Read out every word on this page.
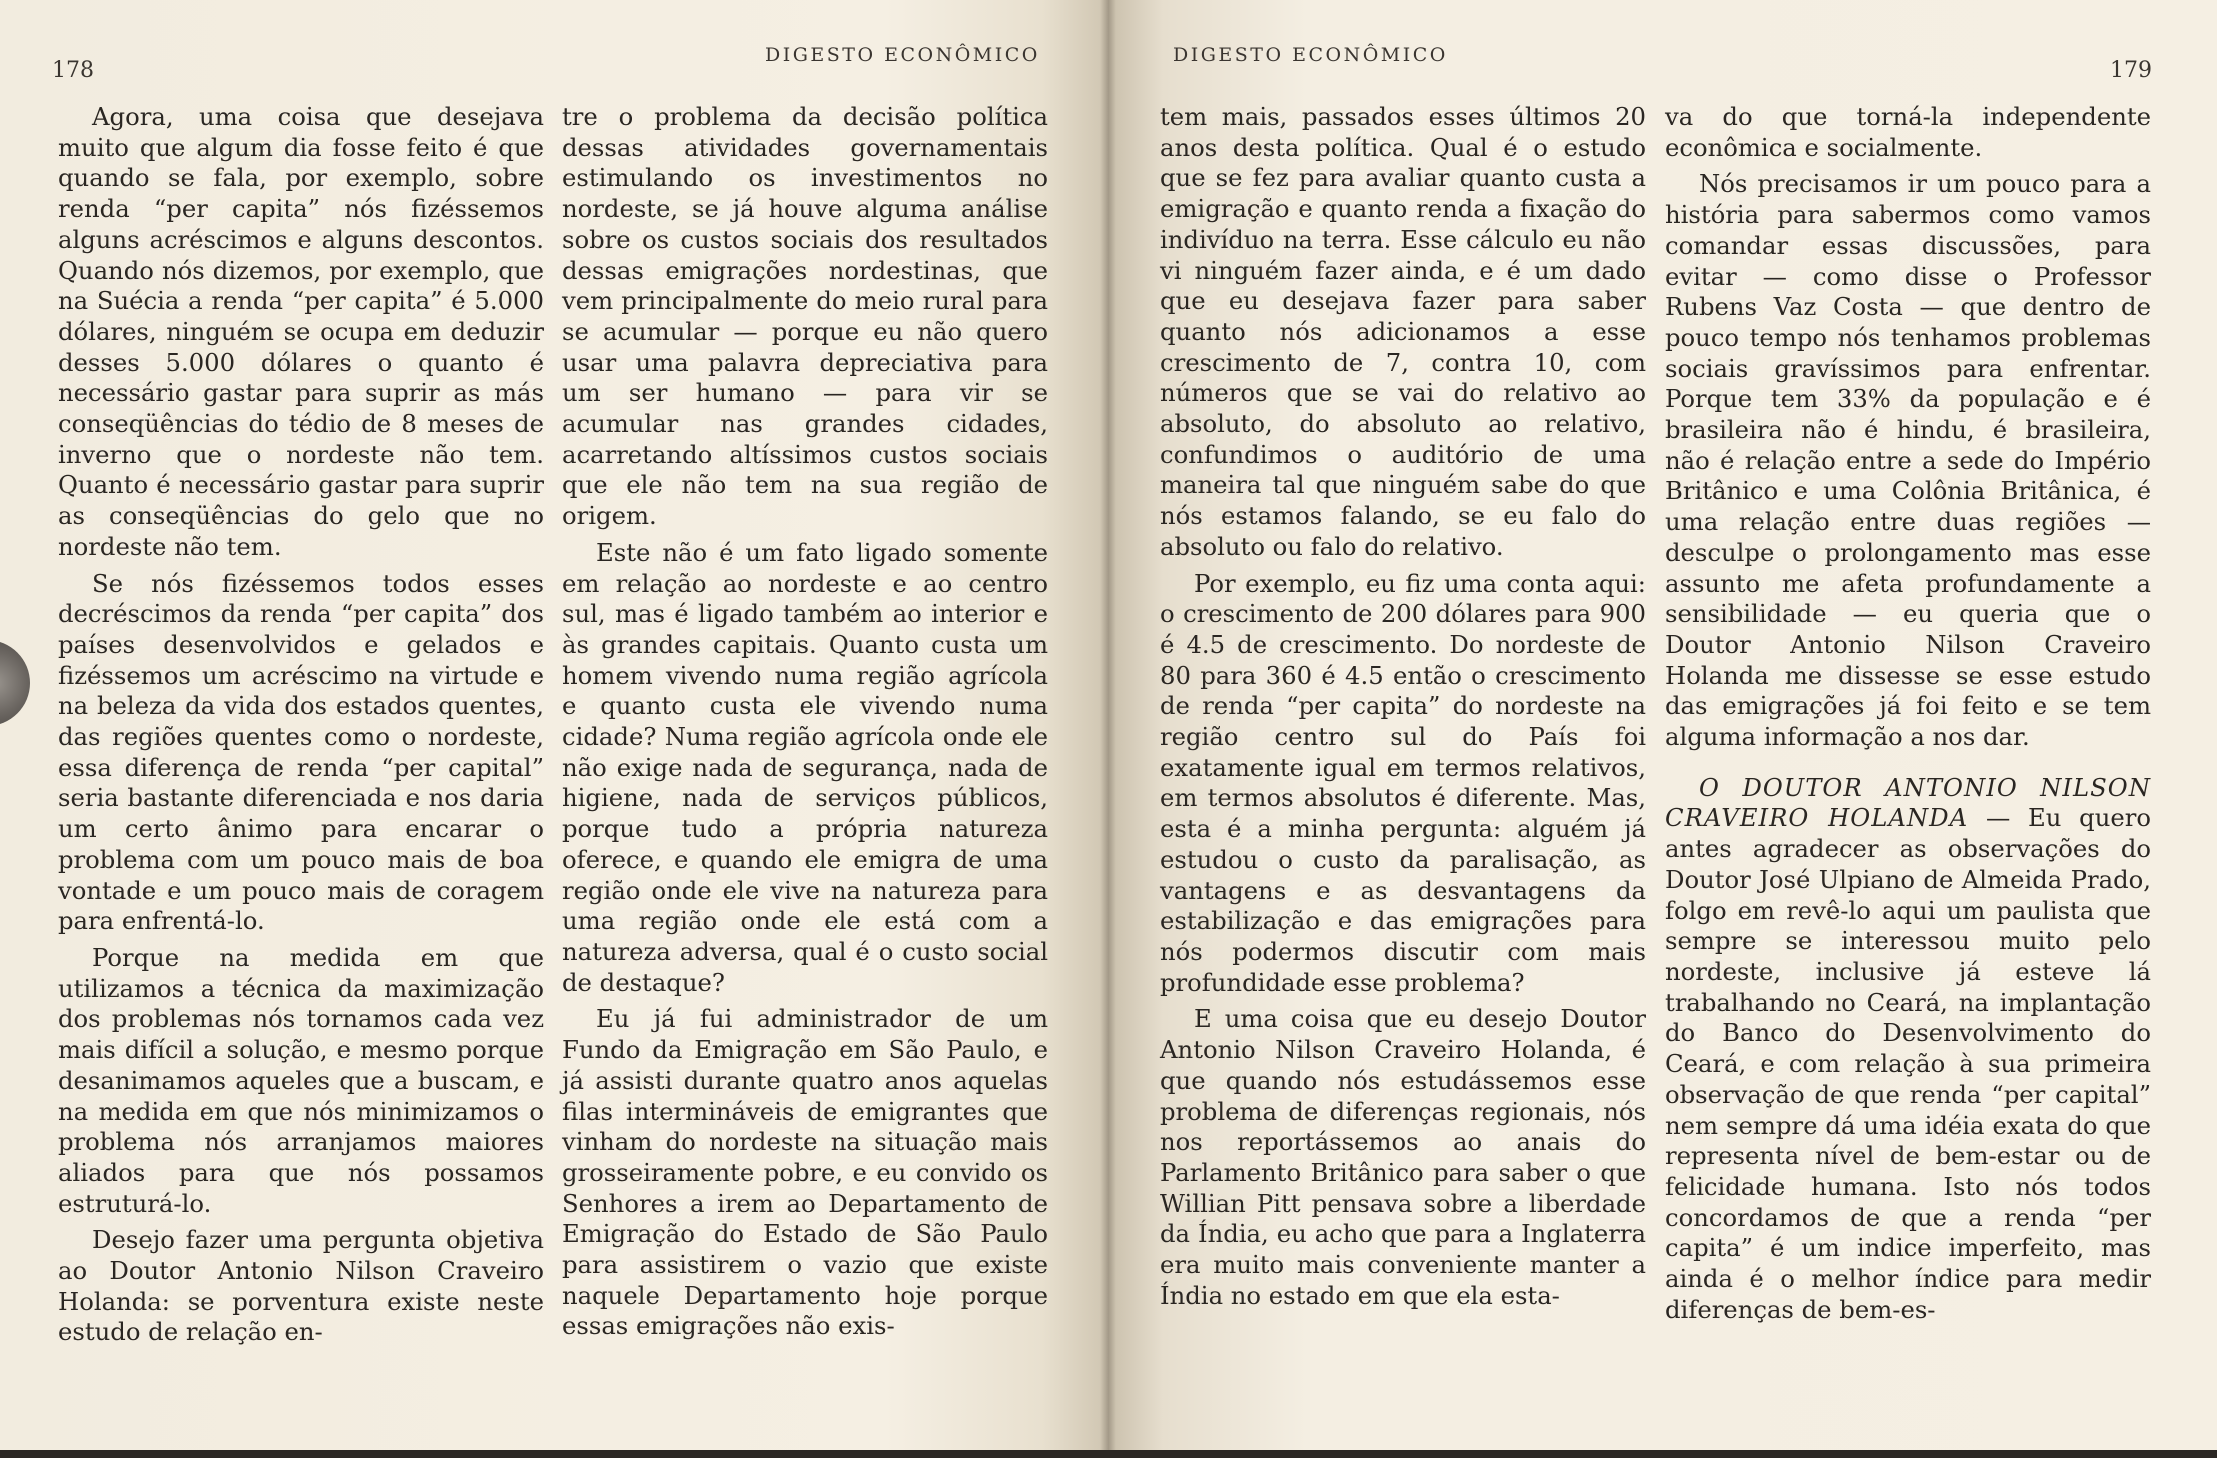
178
DIGESTO ECONÔMICO

Agora, uma coisa que desejava muito que algum dia fosse feito é que quando se fala, por exemplo, sobre renda “per capita” nós fizéssemos alguns acréscimos e alguns descontos. Quando nós dizemos, por exemplo, que na Suécia a renda “per capita” é 5.000 dólares, ninguém se ocupa em deduzir desses 5.000 dólares o quanto é necessário gastar para suprir as más conseqüências do tédio de 8 meses de inverno que o nordeste não tem. Quanto é necessário gastar para suprir as conseqüências do gelo que no nordeste não tem.

Se nós fizéssemos todos esses decréscimos da renda “per capita” dos países desenvolvidos e gelados e fizéssemos um acréscimo na virtude e na beleza da vida dos estados quentes, das regiões quentes como o nordeste, essa diferença de renda “per capital” seria bastante diferenciada e nos daria um certo ânimo para encarar o problema com um pouco mais de boa vontade e um pouco mais de coragem para enfrentá-lo.

Porque na medida em que utilizamos a técnica da maximização dos problemas nós tornamos cada vez mais difícil a solução, e mesmo porque desanimamos aqueles que a buscam, e na medida em que nós minimizamos o problema nós arranjamos maiores aliados para que nós possamos estruturá-lo.

Desejo fazer uma pergunta objetiva ao Doutor Antonio Nilson Craveiro Holanda: se porventura existe neste estudo de relação en-

tre o problema da decisão política dessas atividades governamentais estimulando os investimentos no nordeste, se já houve alguma análise sobre os custos sociais dos resultados dessas emigrações nordestinas, que vem principalmente do meio rural para se acumular — porque eu não quero usar uma palavra depreciativa para um ser humano — para vir se acumular nas grandes cidades, acarretando altíssimos custos sociais que ele não tem na sua região de origem.

Este não é um fato ligado somente em relação ao nordeste e ao centro sul, mas é ligado também ao interior e às grandes capitais. Quanto custa um homem vivendo numa região agrícola e quanto custa ele vivendo numa cidade? Numa região agrícola onde ele não exige nada de segurança, nada de higiene, nada de serviços públicos, porque tudo a própria natureza oferece, e quando ele emigra de uma região onde ele vive na natureza para uma região onde ele está com a natureza adversa, qual é o custo social de destaque?

Eu já fui administrador de um Fundo da Emigração em São Paulo, e já assisti durante quatro anos aquelas filas intermináveis de emigrantes que vinham do nordeste na situação mais grosseiramente pobre, e eu convido os Senhores a irem ao Departamento de Emigração do Estado de São Paulo para assistirem o vazio que existe naquele Departamento hoje porque essas emigrações não exis-

DIGESTO ECONÔMICO
179

tem mais, passados esses últimos 20 anos desta política. Qual é o estudo que se fez para avaliar quanto custa a emigração e quanto renda a fixação do indivíduo na terra. Esse cálculo eu não vi ninguém fazer ainda, e é um dado que eu desejava fazer para saber quanto nós adicionamos a esse crescimento de 7, contra 10, com números que se vai do relativo ao absoluto, do absoluto ao relativo, confundimos o auditório de uma maneira tal que ninguém sabe do que nós estamos falando, se eu falo do absoluto ou falo do relativo.

Por exemplo, eu fiz uma conta aqui: o crescimento de 200 dólares para 900 é 4.5 de crescimento. Do nordeste de 80 para 360 é 4.5 então o crescimento de renda “per capita” do nordeste na região centro sul do País foi exatamente igual em termos relativos, em termos absolutos é diferente. Mas, esta é a minha pergunta: alguém já estudou o custo da paralisação, as vantagens e as desvantagens da estabilização e das emigrações para nós podermos discutir com mais profundidade esse problema?

E uma coisa que eu desejo Doutor Antonio Nilson Craveiro Holanda, é que quando nós estudássemos esse problema de diferenças regionais, nós nos reportássemos ao anais do Parlamento Britânico para saber o que Willian Pitt pensava sobre a liberdade da Índia, eu acho que para a Inglaterra era muito mais conveniente manter a Índia no estado em que ela esta-

va do que torná-la independente econômica e socialmente.

Nós precisamos ir um pouco para a história para sabermos como vamos comandar essas discussões, para evitar — como disse o Professor Rubens Vaz Costa — que dentro de pouco tempo nós tenhamos problemas sociais gravíssimos para enfrentar. Porque tem 33% da população e é brasileira não é hindu, é brasileira, não é relação entre a sede do Império Britânico e uma Colônia Britânica, é uma relação entre duas regiões — desculpe o prolongamento mas esse assunto me afeta profundamente a sensibilidade — eu queria que o Doutor Antonio Nilson Craveiro Holanda me dissesse se esse estudo das emigrações já foi feito e se tem alguma informação a nos dar.

O DOUTOR ANTONIO NILSON CRAVEIRO HOLANDA — Eu quero antes agradecer as observações do Doutor José Ulpiano de Almeida Prado, folgo em revê-lo aqui um paulista que sempre se interessou muito pelo nordeste, inclusive já esteve lá trabalhando no Ceará, na implantação do Banco do Desenvolvimento do Ceará, e com relação à sua primeira observação de que renda “per capital” nem sempre dá uma idéia exata do que representa nível de bem-estar ou de felicidade humana. Isto nós todos concordamos de que a renda “per capita” é um indice imperfeito, mas ainda é o melhor índice para medir diferenças de bem-es-
